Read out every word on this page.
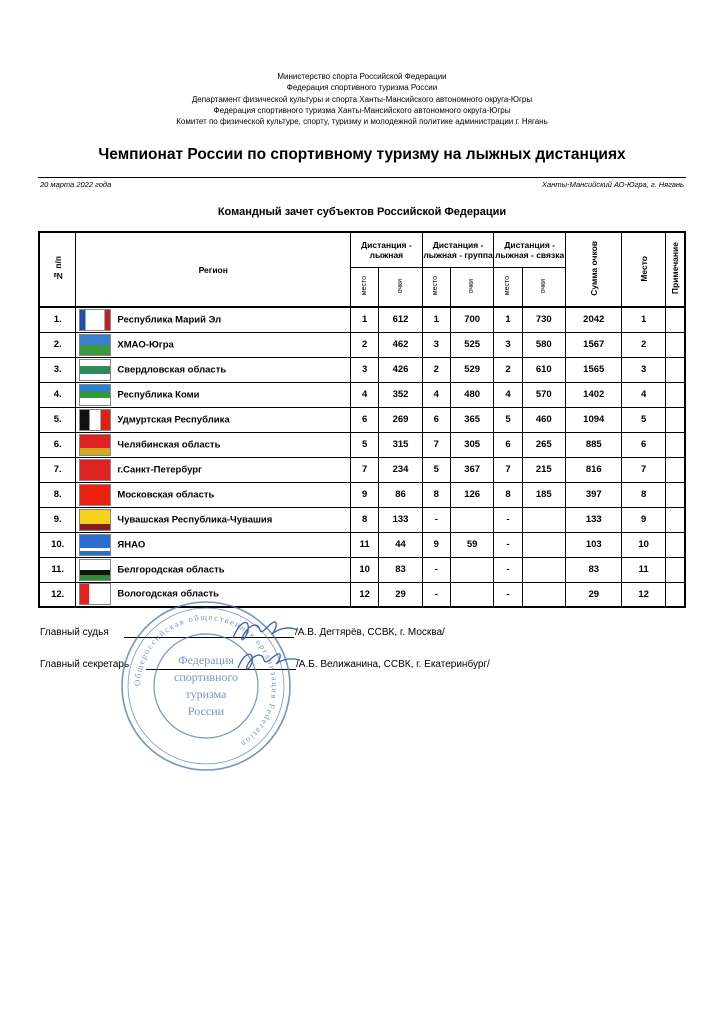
Министерство спорта Российской Федерации
Федерация спортивного туризма России
Департамент физической культуры и спорта Ханты-Мансийского автономного округа-Югры
Федерация спортивного туризма Ханты-Мансийского автономного округа-Югры
Комитет по физической культуре, спорту, туризму и молодежной политике администрации г. Нягань
Чемпионат России по спортивному туризму на лыжных дистанциях
20 марта 2022 года	Ханты-Мансийский АО-Югра, г. Нягань
Командный зачет субъектов Российской Федерации
№ п/п	Регион	Дистанция - лыжная		Дистанция - лыжная - группа		Дистанция - лыжная - связка		Сумма очков	Место	Примечание
		место	очки	место	очки	место	очки			
1.	Республика Марий Эл	1	612	1	700	1	730	2042	1	
2.	ХМАО-Югра	2	462	3	525	3	580	1567	2	
3.	Свердловская область	3	426	2	529	2	610	1565	3	
4.	Республика Коми	4	352	4	480	4	570	1402	4	
5.	Удмуртская Республика	6	269	6	365	5	460	1094	5	
6.	Челябинская область	5	315	7	305	6	265	885	6	
7.	г.Санкт-Петербург	7	234	5	367	7	215	816	7	
8.	Московская область	9	86	8	126	8	185	397	8	
9.	Чувашская Республика-Чувашия	8	133	-		-		133	9	
10.	ЯНАО	11	44	9	59	-		103	10	
11.	Белгородская область	10	83	-		-		83	11	
12.	Вологодская область	12	29	-		-		29	12	
Главный судья	/А.В. Дегтярёв, ССВК, г. Москва/
Главный секретарь	/А.Б. Велижанина, ССВК, г. Екатеринбург/
Общероссийская общественная организация Federation
Федерация
спортивного
туризма
России
